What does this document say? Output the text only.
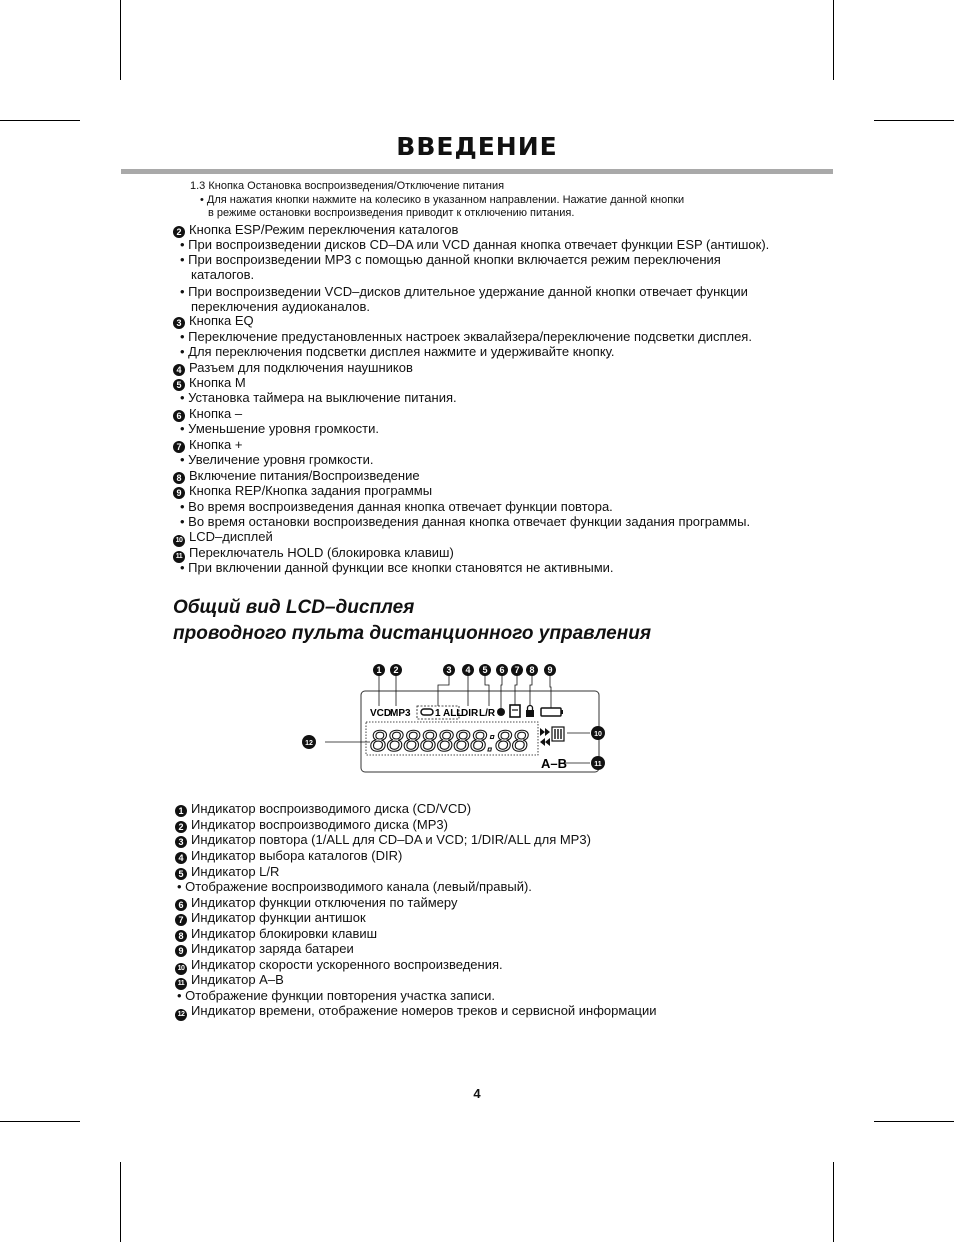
ВВЕДЕНИЕ
1.3 Кнопка Остановка воспроизведения/Отключение питания
• Для нажатия кнопки нажмите на колесико в указанном направлении. Нажатие данной кнопки
в режиме остановки воспроизведения приводит к отключению питания.
2 Кнопка ESP/Режим переключения каталогов
• При воспроизведении дисков CD–DA или VCD данная кнопка отвечает функции ESP (антишок).
• При воспроизведении MP3 с помощью данной кнопки включается режим переключения
каталогов.
• При воспроизведении VCD–дисков длительное удержание данной кнопки отвечает функции
переключения аудиоканалов.
3 Кнопка EQ
• Переключение предустановленных настроек эквалайзера/переключение подсветки дисплея.
• Для переключения подсветки дисплея нажмите и удерживайте кнопку.
4 Разъем для подключения наушников
5 Кнопка M
• Установка таймера на выключение питания.
6 Кнопка –
• Уменьшение уровня громкости.
7 Кнопка +
• Увеличение уровня громкости.
8 Включение питания/Воспроизведение
9 Кнопка REP/Кнопка задания программы
• Во время воспроизведения данная кнопка отвечает функции повтора.
• Во время остановки воспроизведения данная кнопка отвечает функции задания программы.
10 LCD–дисплей
11 Переключатель HOLD (блокировка клавиш)
• При включении данной функции все кнопки становятся не активными.
Общий вид LCD–дисплея
проводного пульта дистанционного управления
VCD
MP3 1 ALL
DIR L/R
8888888:88
A–B
1 2	3 4 5 6 7 8 9
10
11
12
1 Индикатор воспроизводимого диска (CD/VCD)
2 Индикатор воспроизводимого диска (MP3)
3 Индикатор повтора (1/ALL для CD–DA и VCD; 1/DIR/ALL для MP3)
4 Индикатор выбора каталогов (DIR)
5 Индикатор L/R
• Отображение воспроизводимого канала (левый/правый).
6 Индикатор функции отключения по таймеру
7 Индикатор функции антишок
8 Индикатор блокировки клавиш
9 Индикатор заряда батареи
10 Индикатор скорости ускоренного воспроизведения.
11 Индикатор A–B
• Отображение функции повторения участка записи.
12 Индикатор времени, отображение номеров треков и сервисной информации
4
